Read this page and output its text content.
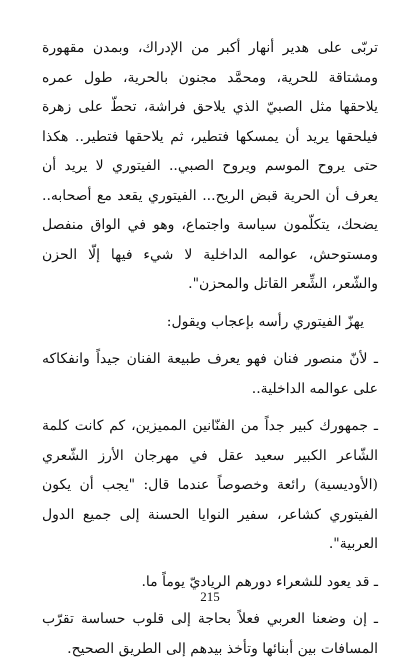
تربّى على هدير أنهار أكبر من الإدراك، وبمدن مقهورة ومشتاقة للحرية، ومحمَّد مجنون بالحرية، طول عمره يلاحقها مثل الصبيّ الذي يلاحق فراشة، تحطّ على زهرة فيلحقها يريد أن يمسكها فتطير، ثم يلاحقها فتطير.. هكذا حتى يروح الموسم ويروح الصبي.. الفيتوري لا يريد أن يعرف أن الحرية قبض الريح... الفيتوري يقعد مع أصحابه.. يضحك، يتكلّمون سياسة واجتماع، وهو في الواق منفصل ومستوحش، عوالمه الداخلية لا شيء فيها إلّا الحزن والشّعر، الشِّعر القاتل والمحزن".

يهزّ الفيتوري رأسه بإعجاب ويقول:

ـ لأنّ منصور فنان فهو يعرف طبيعة الفنان جيداً وانفكاكه على عوالمه الداخلية..

ـ جمهورك كبير جداً من الفنّانين المميزين، كم كانت كلمة الشّاعر الكبير سعيد عقل في مهرجان الأرز الشّعري (الأوديسية) رائعة وخصوصاً عندما قال: "يجب أن يكون الفيتوري كشاعر، سفير النوايا الحسنة إلى جميع الدول العربية".

ـ قد يعود للشعراء دورهم الرياديّ يوماً ما.

ـ إن وضعنا العربي فعلاً بحاجة إلى قلوب حساسة تقرّب المسافات بين أبنائها وتأخذ بيدهم إلى الطريق الصحيح.

215
